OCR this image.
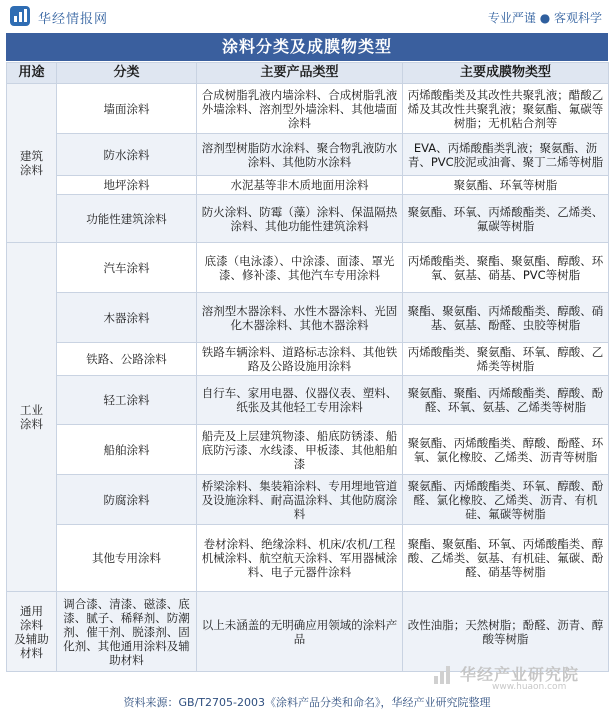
华经情报网	专业严谨 ● 客观科学
涂料分类及成膜物类型
用途	分类	主要产品类型	主要成膜物类型
建筑
涂料	墙面涂料	合成树脂乳液内墙涂料、合成树脂乳液外墙涂料、溶剂型外墙涂料、其他墙面涂料	丙烯酸酯类及其改性共聚乳液；醋酸乙烯及其改性共聚乳液；聚氨酯、氟碳等树脂；无机粘合剂等
	防水涂料	溶剂型树脂防水涂料、聚合物乳液防水涂料、其他防水涂料	EVA、丙烯酸酯类乳液；聚氨酯、沥青、PVC胶泥或油膏、聚丁二烯等树脂
	地坪涂料	水泥基等非木质地面用涂料	聚氨酯、环氧等树脂
	功能性建筑涂料	防火涂料、防霉（藻）涂料、保温隔热涂料、其他功能性建筑涂料	聚氨酯、环氧、丙烯酸酯类、乙烯类、氟碳等树脂
工业
涂料	汽车涂料	底漆（电泳漆）、中涂漆、面漆、罩光漆、修补漆、其他汽车专用涂料	丙烯酸酯类、聚酯、聚氨酯、醇酸、环氧、氨基、硝基、PVC等树脂
	木器涂料	溶剂型木器涂料、水性木器涂料、光固化木器涂料、其他木器涂料	聚酯、聚氨酯、丙烯酸酯类、醇酸、硝基、氨基、酚醛、虫胶等树脂
	铁路、公路涂料	铁路车辆涂料、道路标志涂料、其他铁路及公路设施用涂料	丙烯酸酯类、聚氨酯、环氧、醇酸、乙烯类等树脂
	轻工涂料	自行车、家用电器、仪器仪表、塑料、纸张及其他轻工专用涂料	聚氨酯、聚酯、丙烯酸酯类、醇酸、酚醛、环氧、氨基、乙烯类等树脂
	船舶涂料	船壳及上层建筑物漆、船底防锈漆、船底防污漆、水线漆、甲板漆、其他船舶漆	聚氨酯、丙烯酸酯类、醇酸、酚醛、环氧、氯化橡胶、乙烯类、沥青等树脂
	防腐涂料	桥梁涂料、集装箱涂料、专用埋地管道及设施涂料、耐高温涂料、其他防腐涂料	聚氨酯、丙烯酸酯类、环氧、醇酸、酚醛、氯化橡胶、乙烯类、沥青、有机硅、氟碳等树脂
	其他专用涂料	卷材涂料、绝缘涂料、机床/农机/工程机械涂料、航空航天涂料、军用器械涂料、电子元器件涂料	聚酯、聚氨酯、环氧、丙烯酸酯类、醇酸、乙烯类、氨基、有机硅、氟碳、酚醛、硝基等树脂
通用
涂料
及辅助
材料	调合漆、清漆、磁漆、底漆、腻子、稀释剂、防潮剂、催干剂、脱漆剂、固化剂、其他通用涂料及辅助材料	以上未涵盖的无明确应用领域的涂料产品	改性油脂；天然树脂；酚醛、沥青、醇酸等树脂
华经产业研究院
www.huaon.com
资料来源：GB/T2705-2003《涂料产品分类和命名》，华经产业研究院整理
